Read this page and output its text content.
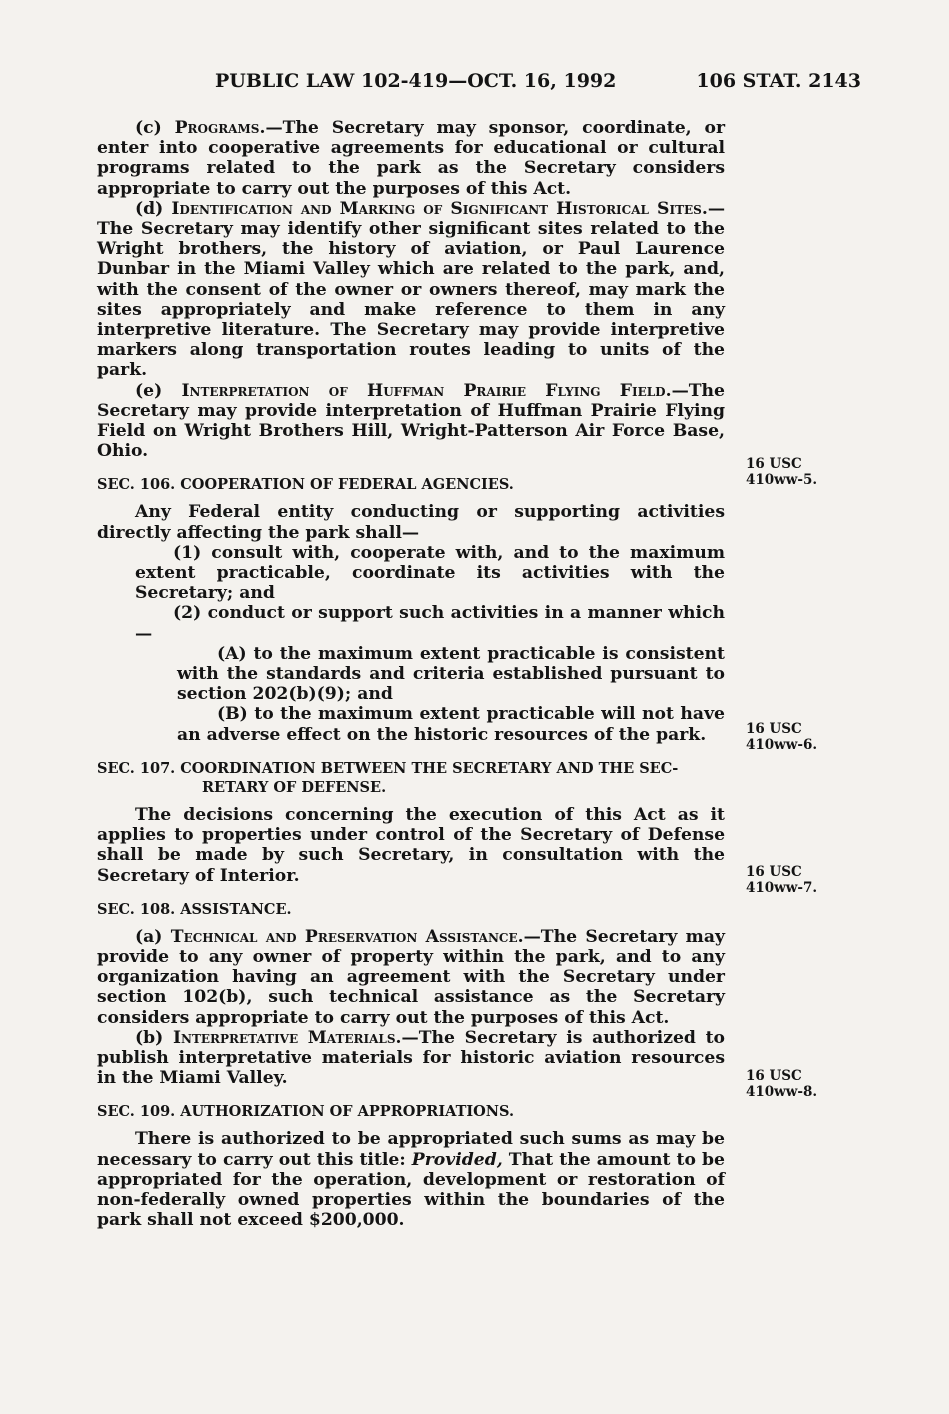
PUBLIC LAW 102-419—OCT. 16, 1992	106 STAT. 2143

(c) Programs.—The Secretary may sponsor, coordinate, or enter into cooperative agreements for educational or cultural programs related to the park as the Secretary considers appropriate to carry out the purposes of this Act.

(d) Identification and Marking of Significant Historical Sites.—The Secretary may identify other significant sites related to the Wright brothers, the history of aviation, or Paul Laurence Dunbar in the Miami Valley which are related to the park, and, with the consent of the owner or owners thereof, may mark the sites appropriately and make reference to them in any interpretive literature. The Secretary may provide interpretive markers along transportation routes leading to units of the park.

(e) Interpretation of Huffman Prairie Flying Field.—The Secretary may provide interpretation of Huffman Prairie Flying Field on Wright Brothers Hill, Wright-Patterson Air Force Base, Ohio.

SEC. 106. COOPERATION OF FEDERAL AGENCIES.

Any Federal entity conducting or supporting activities directly affecting the park shall—

(1) consult with, cooperate with, and to the maximum extent practicable, coordinate its activities with the Secretary; and

(2) conduct or support such activities in a manner which—

(A) to the maximum extent practicable is consistent with the standards and criteria established pursuant to section 202(b)(9); and

(B) to the maximum extent practicable will not have an adverse effect on the historic resources of the park.

SEC. 107. COORDINATION BETWEEN THE SECRETARY AND THE SEC-
RETARY OF DEFENSE.

The decisions concerning the execution of this Act as it applies to properties under control of the Secretary of Defense shall be made by such Secretary, in consultation with the Secretary of Interior.

SEC. 108. ASSISTANCE.

(a) Technical and Preservation Assistance.—The Secretary may provide to any owner of property within the park, and to any organization having an agreement with the Secretary under section 102(b), such technical assistance as the Secretary considers appropriate to carry out the purposes of this Act.

(b) Interpretative Materials.—The Secretary is authorized to publish interpretative materials for historic aviation resources in the Miami Valley.

SEC. 109. AUTHORIZATION OF APPROPRIATIONS.

There is authorized to be appropriated such sums as may be necessary to carry out this title: Provided, That the amount to be appropriated for the operation, development or restoration of non-federally owned properties within the boundaries of the park shall not exceed $200,000.

16 USC
410ww-5.
16 USC
410ww-6.
16 USC
410ww-7.
16 USC
410ww-8.
